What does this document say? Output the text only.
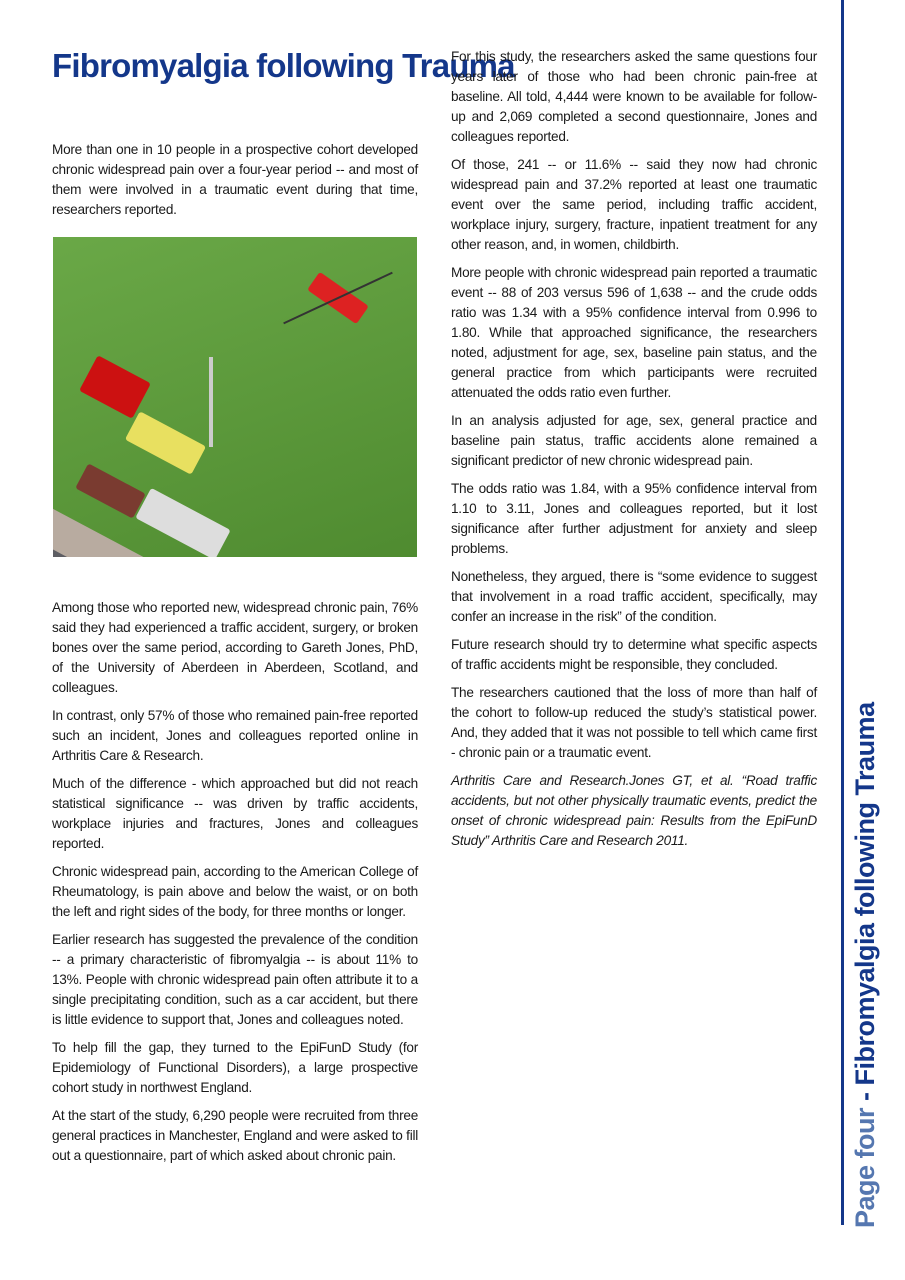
Fibromyalgia following Trauma

More than one in 10 people in a prospective cohort developed chronic widespread pain over a four-year period -- and most of them were involved in a traumatic event during that time, researchers reported.

Among those who reported new, widespread chronic pain, 76% said they had experienced a traffic accident, surgery, or broken bones over the same period, according to Gareth Jones, PhD, of the University of Aberdeen in Aberdeen, Scotland, and colleagues.

In contrast, only 57% of those who remained pain-free reported such an incident, Jones and colleagues reported online in Arthritis Care & Research.

Much of the difference - which approached but did not reach statistical significance -- was driven by traffic accidents, workplace injuries and fractures, Jones and colleagues reported.

Chronic widespread pain, according to the American College of Rheumatology, is pain above and below the waist, or on both the left and right sides of the body, for three months or longer.

Earlier research has suggested the prevalence of the condition -- a primary characteristic of fibromyalgia -- is about 11% to 13%. People with chronic widespread pain often attribute it to a single precipitating condition, such as a car accident, but there is little evidence to support that, Jones and colleagues noted.

To help fill the gap, they turned to the EpiFunD Study (for Epidemiology of Functional Disorders), a large prospective cohort study in northwest England.

At the start of the study, 6,290 people were recruited from three general practices in Manchester, England and were asked to fill out a questionnaire, part of which asked about chronic pain.

For this study, the researchers asked the same questions four years later of those who had been chronic pain-free at baseline. All told, 4,444 were known to be available for follow-up and 2,069 completed a second questionnaire, Jones and colleagues reported.

Of those, 241 -- or 11.6% -- said they now had chronic widespread pain and 37.2% reported at least one traumatic event over the same period, including traffic accident, workplace injury, surgery, fracture, inpatient treatment for any other reason, and, in women, childbirth.

More people with chronic widespread pain reported a traumatic event -- 88 of 203 versus 596 of 1,638 -- and the crude odds ratio was 1.34 with a 95% confidence interval from 0.996 to 1.80. While that approached significance, the researchers noted, adjustment for age, sex, baseline pain status, and the general practice from which participants were recruited attenuated the odds ratio even further.

In an analysis adjusted for age, sex, general practice and baseline pain status, traffic accidents alone remained a significant predictor of new chronic widespread pain.

The odds ratio was 1.84, with a 95% confidence interval from 1.10 to 3.11, Jones and colleagues reported, but it lost significance after further adjustment for anxiety and sleep problems.

Nonetheless, they argued, there is “some evidence to suggest that involvement in a road traffic accident, specifically, may confer an increase in the risk” of the condition.

Future research should try to determine what specific aspects of traffic accidents might be responsible, they concluded.

The researchers cautioned that the loss of more than half of the cohort to follow-up reduced the study’s statistical power. And, they added that it was not possible to tell which came first - chronic pain or a traumatic event.

Arthritis Care and Research.Jones GT, et al. “Road traffic accidents, but not other physically traumatic events, predict the onset of chronic widespread pain: Results from the EpiFunD Study” Arthritis Care and Research 2011.

Page four - Fibromyalgia following Trauma
